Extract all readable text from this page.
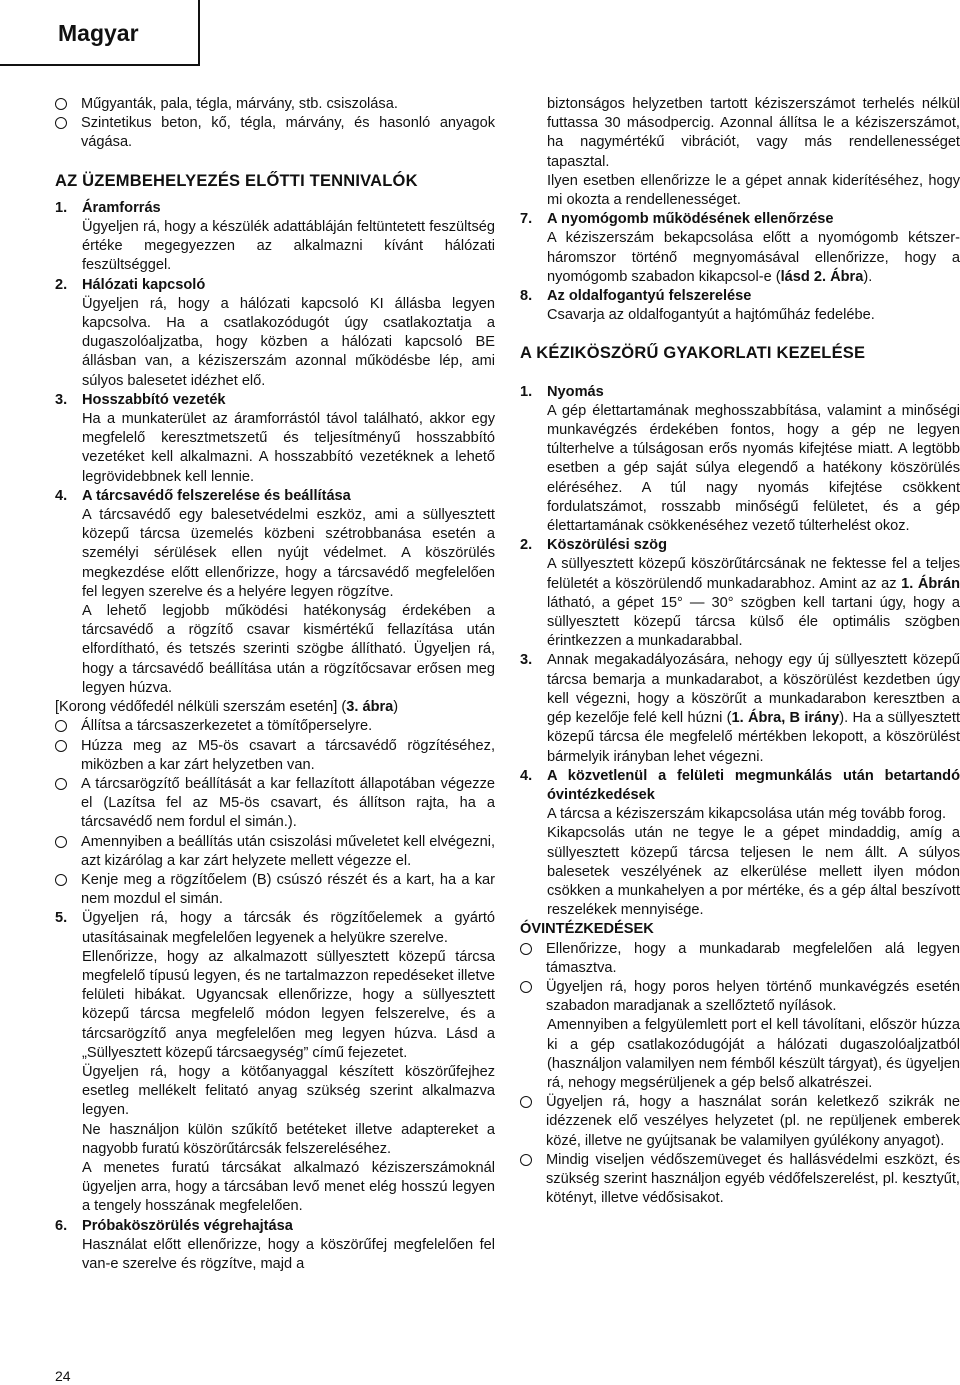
Magyar
Műgyanták, pala, tégla, márvány, stb. csiszolása.
Szintetikus beton, kő, tégla, márvány, és hasonló anyagok vágása.
AZ ÜZEMBEHELYEZÉS ELŐTTI TENNIVALÓK
1.	Áramforrás
Ügyeljen rá, hogy a készülék adattábláján feltüntetett feszültség értéke megegyezzen az alkalmazni kívánt hálózati feszültséggel.
2.	Hálózati kapcsoló
Ügyeljen rá, hogy a hálózati kapcsoló KI állásba legyen kapcsolva. Ha a csatlakozódugót úgy csatlakoztatja a dugaszolóaljzatba, hogy közben a hálózati kapcsoló BE állásban van, a kéziszerszám azonnal működésbe lép, ami súlyos balesetet idézhet elő.
3.	Hosszabbító vezeték
Ha a munkaterület az áramforrástól távol található, akkor egy megfelelő keresztmetszetű és teljesítményű hosszabbító vezetéket kell alkalmazni. A hosszabbító vezetéknek a lehető legrövidebbnek kell lennie.
4.	A tárcsavédő felszerelése és beállítása
A tárcsavédő egy balesetvédelmi eszköz, ami a süllyesztett közepű tárcsa üzemelés közbeni szétrobbanása esetén a személyi sérülések ellen nyújt védelmet. A köszörülés megkezdése előtt ellenőrizze, hogy a tárcsavédő megfelelően fel legyen szerelve és a helyére legyen rögzítve.
A lehető legjobb működési hatékonyság érdekében a tárcsavédő a rögzítő csavar kismértékű fellazítása után elfordítható, és tetszés szerinti szögbe állítható. Ügyeljen rá, hogy a tárcsavédő beállítása után a rögzítőcsavar erősen meg legyen húzva.
[Korong védőfedél nélküli szerszám esetén] (3. ábra)
Állítsa a tárcsaszerkezetet a tömítőperselyre.
Húzza meg az M5-ös csavart a tárcsavédő rögzítéséhez, miközben a kar zárt helyzetben van.
A tárcsarögzítő beállítását a kar fellazított állapotában végezze el (Lazítsa fel az M5-ös csavart, és állítson rajta, ha a tárcsavédő nem fordul el simán.).
Amennyiben a beállítás után csiszolási műveletet kell elvégezni, azt kizárólag a kar zárt helyzete mellett végezze el.
Kenje meg a rögzítőelem (B) csúszó részét és a kart, ha a kar nem mozdul el simán.
5.	Ügyeljen rá, hogy a tárcsák és rögzítőelemek a gyártó utasításainak megfelelően legyenek a helyükre szerelve.
Ellenőrizze, hogy az alkalmazott süllyesztett közepű tárcsa megfelelő típusú legyen, és ne tartalmazzon repedéseket illetve felületi hibákat. Ugyancsak ellenőrizze, hogy a süllyesztett közepű tárcsa megfelelő módon legyen felszerelve, és a tárcsarögzítő anya megfelelően meg legyen húzva. Lásd a „Süllyesztett közepű tárcsaegység” című fejezetet.
Ügyeljen rá, hogy a kötőanyaggal készített köszörűfejhez esetleg mellékelt felitató anyag szükség szerint alkalmazva legyen.
Ne használjon külön szűkítő betéteket illetve adaptereket a nagyobb furatú köszörűtárcsák felszereléséhez.
A menetes furatú tárcsákat alkalmazó kéziszerszámoknál ügyeljen arra, hogy a tárcsában levő menet elég hosszú legyen a tengely hosszának megfelelően.
6.	Próbaköszörülés végrehajtása
Használat előtt ellenőrizze, hogy a köszörűfej megfelelően fel van-e szerelve és rögzítve, majd a
biztonságos helyzetben tartott kéziszerszámot terhelés nélkül futtassa 30 másodpercig. Azonnal állítsa le a kéziszerszámot, ha nagymértékű vibrációt, vagy más rendellenességet tapasztal.
Ilyen esetben ellenőrizze le a gépet annak kiderítéséhez, hogy mi okozta a rendellenességet.
7.	A nyomógomb működésének ellenőrzése
A kéziszerszám bekapcsolása előtt a nyomógomb kétszer-háromszor történő megnyomásával ellenőrizze, hogy a nyomógomb szabadon kikapcsol-e (lásd 2. Ábra).
8.	Az oldalfogantyú felszerelése
Csavarja az oldalfogantyút a hajtóműház fedelébe.
A KÉZIKÖSZÖRŰ GYAKORLATI KEZELÉSE
1.	Nyomás
A gép élettartamának meghosszabbítása, valamint a minőségi munkavégzés érdekében fontos, hogy a gép ne legyen túlterhelve a túlságosan erős nyomás kifejtése miatt. A legtöbb esetben a gép saját súlya elegendő a hatékony köszörülés eléréséhez. A túl nagy nyomás kifejtése csökkent fordulatszámot, rosszabb minőségű felületet, és a gép élettartamának csökkenéséhez vezető túlterhelést okoz.
2.	Köszörülési szög
A süllyesztett közepű köszörűtárcsának ne fektesse fel a teljes felületét a köszörülendő munkadarabhoz. Amint az az 1. Ábrán látható, a gépet 15° — 30° szögben kell tartani úgy, hogy a süllyesztett közepű tárcsa külső éle optimális szögben érintkezzen a munkadarabbal.
3.	Annak megakadályozására, nehogy egy új süllyesztett közepű tárcsa bemarja a munkadarabot, a köszörülést kezdetben úgy kell végezni, hogy a köszörűt a munkadarabon keresztben a gép kezelője felé kell húzni (1. Ábra, B irány). Ha a süllyesztett közepű tárcsa éle megfelelő mértékben lekopott, a köszörülést bármelyik irányban lehet végezni.
4.	A közvetlenül a felületi megmunkálás után betartandó óvintézkedések
A tárcsa a kéziszerszám kikapcsolása után még tovább forog.
Kikapcsolás után ne tegye le a gépet mindaddig, amíg a süllyesztett közepű tárcsa teljesen le nem állt. A súlyos balesetek veszélyének az elkerülése mellett ilyen módon csökken a munkahelyen a por mértéke, és a gép által beszívott reszelékek mennyisége.
ÓVINTÉZKEDÉSEK
Ellenőrizze, hogy a munkadarab megfelelően alá legyen támasztva.
Ügyeljen rá, hogy poros helyen történő munkavégzés esetén szabadon maradjanak a szellőztető nyílások.
Amennyiben a felgyülemlett port el kell távolítani, először húzza ki a gép csatlakozódugóját a hálózati dugaszolóaljzatból (használjon valamilyen nem fémből készült tárgyat), és ügyeljen rá, nehogy megsérüljenek a gép belső alkatrészei.
Ügyeljen rá, hogy a használat során keletkező szikrák ne idézzenek elő veszélyes helyzetet (pl. ne repüljenek emberek közé, illetve ne gyújtsanak be valamilyen gyúlékony anyagot).
Mindig viseljen védőszemüveget és hallásvédelmi eszközt, és szükség szerint használjon egyéb védőfelszerelést, pl. kesztyűt, kötényt, illetve védősisakot.
24
